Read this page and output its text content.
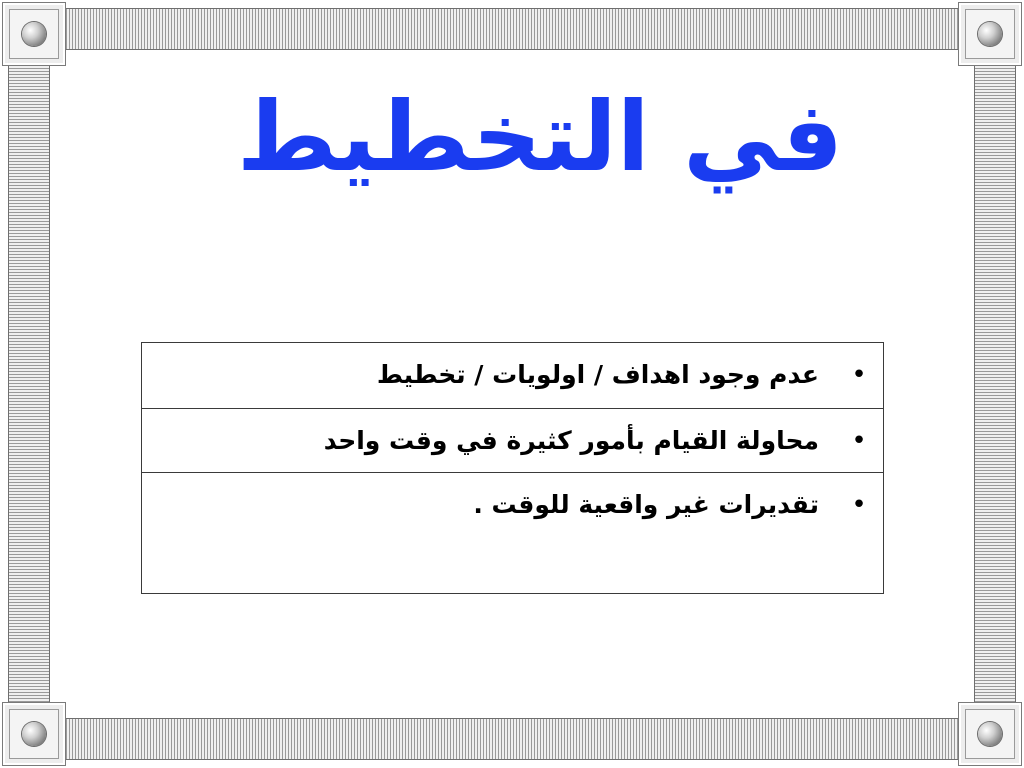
في التخطيط
•
عدم وجود اهداف / اولويات / تخطيط
•
محاولة القيام بأمور كثيرة في وقت واحد
•
تقديرات غير واقعية للوقت .
